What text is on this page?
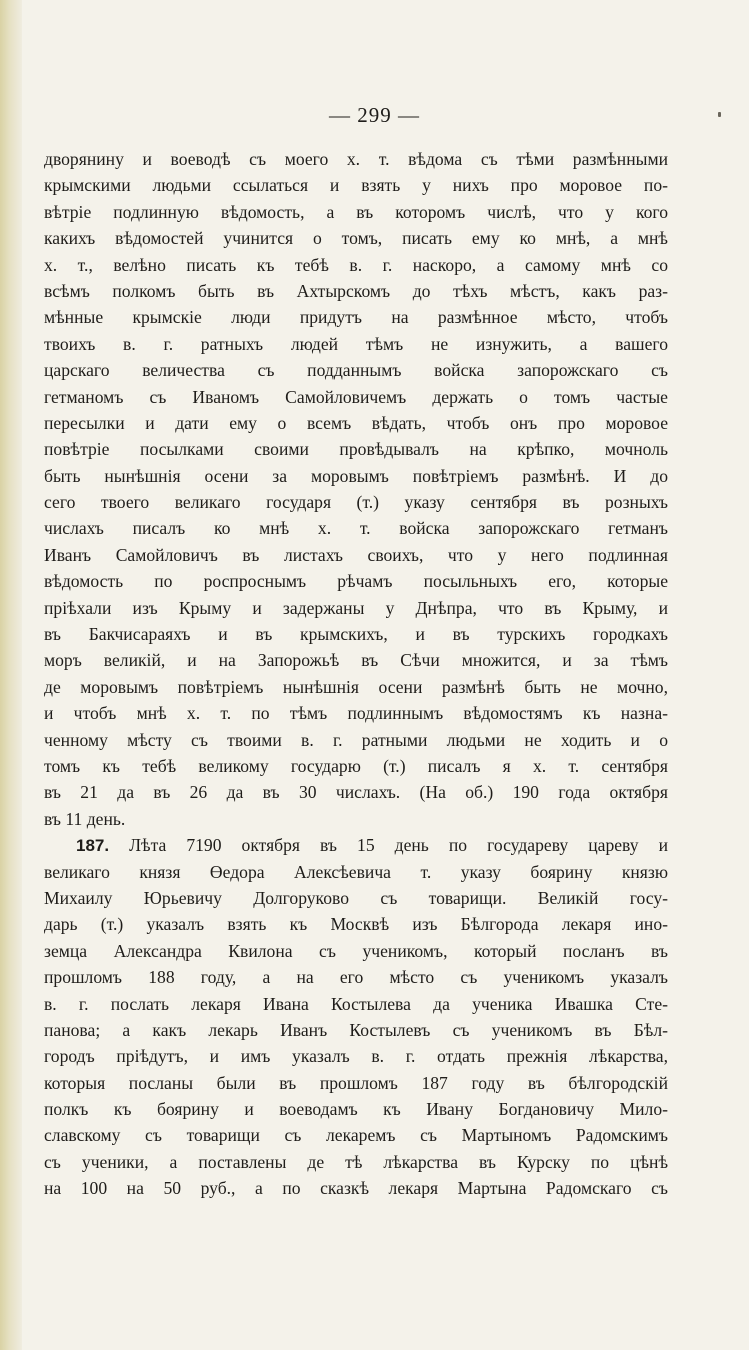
— 299 —
дворянину и воеводѣ съ моего х. т. вѣдома съ тѣми размѣнными
крымскими людьми ссылаться и взять у нихъ про моровое по-
вѣтріе подлинную вѣдомость, а въ которомъ числѣ, что у кого
какихъ вѣдомостей учинится о томъ, писать ему ко мнѣ, а мнѣ
х. т., велѣно писать къ тебѣ в. г. наскоро, а самому мнѣ со
всѣмъ полкомъ быть въ Ахтырскомъ до тѣхъ мѣстъ, какъ раз-
мѣнные крымскіе люди придутъ на размѣнное мѣсто, чтобъ
твоихъ в. г. ратныхъ людей тѣмъ не изнужить, а вашего
царскаго величества съ подданнымъ войска запорожскаго съ
гетманомъ съ Иваномъ Самойловичемъ держать о томъ частые
пересылки и дати ему о всемъ вѣдать, чтобъ онъ про моровое
повѣтріе посылками своими провѣдывалъ на крѣпко, мочноль
быть нынѣшнія осени за моровымъ повѣтріемъ размѣнѣ. И до
сего твоего великаго государя (т.) указу сентября въ розныхъ
числахъ писалъ ко мнѣ х. т. войска запорожскаго гетманъ
Иванъ Самойловичъ въ листахъ своихъ, что у него подлинная
вѣдомость по роспроснымъ рѣчамъ посыльныхъ его, которые
пріѣхали изъ Крыму и задержаны у Днѣпра, что въ Крыму, и
въ Бакчисараяхъ и въ крымскихъ, и въ турскихъ городкахъ
моръ великій, и на Запорожьѣ въ Сѣчи множится, и за тѣмъ
де моровымъ повѣтріемъ нынѣшнія осени размѣнѣ быть не мочно,
и чтобъ мнѣ х. т. по тѣмъ подлиннымъ вѣдомостямъ къ назна-
ченному мѣсту съ твоими в. г. ратными людьми не ходить и о
томъ къ тебѣ великому государю (т.) писалъ я х. т. сентября
въ 21 да въ 26 да въ 30 числахъ. (На об.) 190 года октября
въ 11 день.
187. Лѣта 7190 октября въ 15 день по государеву цареву и
великаго князя Өедора Алексѣевича т. указу боярину князю
Михаилу Юрьевичу Долгоруково съ товарищи. Великій госу-
дарь (т.) указалъ взять къ Москвѣ изъ Бѣлгорода лекаря ино-
земца Александра Квилона съ ученикомъ, который посланъ въ
прошломъ 188 году, а на его мѣсто съ ученикомъ указалъ
в. г. послать лекаря Ивана Костылева да ученика Ивашка Сте-
панова; а какъ лекарь Иванъ Костылевъ съ ученикомъ въ Бѣл-
городъ пріѣдутъ, и имъ указалъ в. г. отдать прежнія лѣкарства,
которыя посланы были въ прошломъ 187 году въ бѣлгородскій
полкъ къ боярину и воеводамъ къ Ивану Богдановичу Мило-
славскому съ товарищи съ лекаремъ съ Мартыномъ Радомскимъ
съ ученики, а поставлены де тѣ лѣкарства въ Курску по цѣнѣ
на 100 на 50 руб., а по сказкѣ лекаря Мартына Радомскаго съ
